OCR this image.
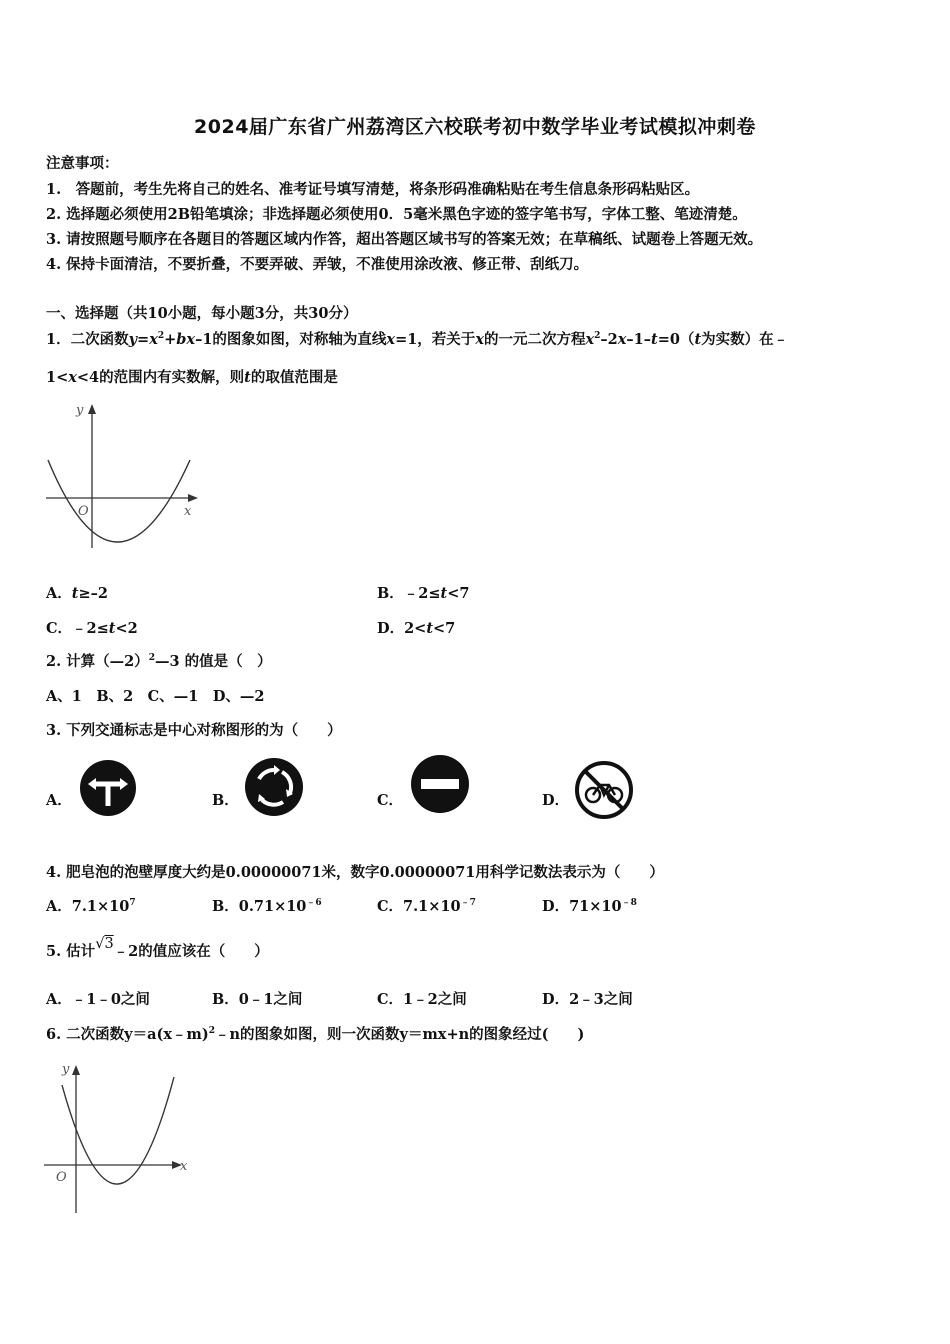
2024届广东省广州荔湾区六校联考初中数学毕业考试模拟冲刺卷
注意事项：
1.　答题前，考生先将自己的姓名、准考证号填写清楚，将条形码准确粘贴在考生信息条形码粘贴区。
2. 选择题必须使用2B铅笔填涂；非选择题必须使用0．5毫米黑色字迹的签字笔书写，字体工整、笔迹清楚。
3. 请按照题号顺序在各题目的答题区域内作答，超出答题区域书写的答案无效；在草稿纸、试题卷上答题无效。
4. 保持卡面清洁，不要折叠，不要弄破、弄皱，不准使用涂改液、修正带、刮纸刀。
一、选择题（共10小题，每小题3分，共30分）
1．二次函数$y=x^2+bx-1$的图象如图，对称轴为直线x=1，若关于x的一元二次方程$x^2-2x-1-t=0(t$为实数）在﹣
1<x<4的范围内有实数解，则t的取值范围是
y
x
O
A．t≥–2	B．﹣2≤t<7
C．﹣2≤t<2	D．2<t<7
2. 计算（—2）$^2$—3 的值是（　）
A、1　B、2　C、—1　D、—2
3. 下列交通标志是中心对称图形的为（　　）
A．	B．	C．	D．
4. 肥皂泡的泡壁厚度大约是0.00000071米，数字0.00000071用科学记数法表示为（　　）
A．$7.1\times 10^7$	B．$0.71\times 10^{﹣6}$	C．$7.1\times 10^{﹣7}$	D．$71\times 10^{﹣8}$
5. 估计√3﹣2的值应该在（　　）
A．﹣1﹣0之间	B．0﹣1之间	C．1﹣2之间	D．2﹣3之间
6. 二次函数y＝a(x﹣m)$^2$﹣n的图象如图，则一次函数y＝mx+n的图象经过(　　)
y
x
O
